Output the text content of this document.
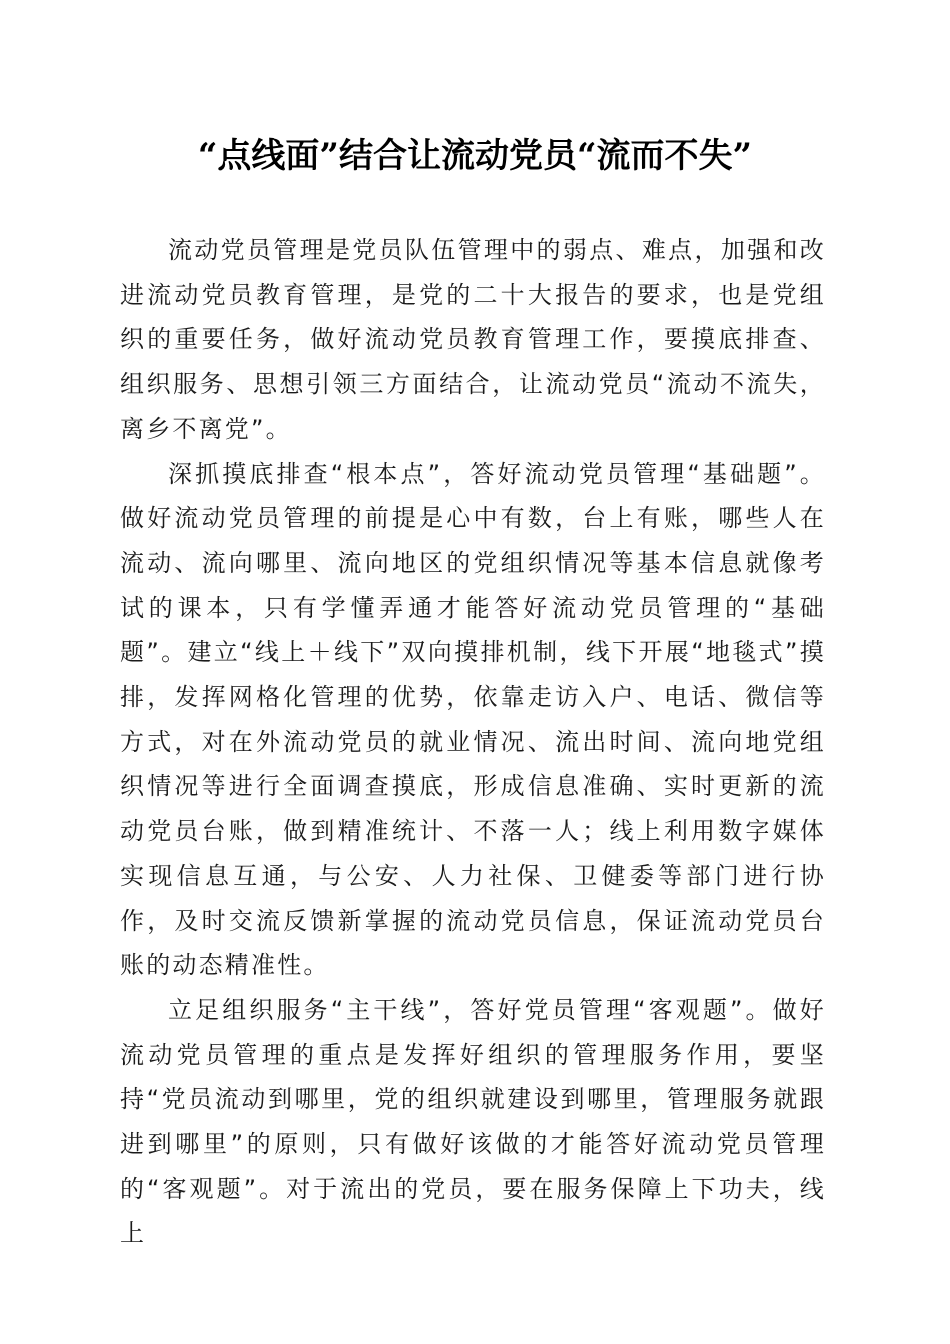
“点线面”结合让流动党员“流而不失”

流动党员管理是党员队伍管理中的弱点、难点，加强和改进流动党员教育管理，是党的二十大报告的要求，也是党组织的重要任务，做好流动党员教育管理工作，要摸底排查、组织服务、思想引领三方面结合，让流动党员“流动不流失，离乡不离党”。

深抓摸底排查“根本点”，答好流动党员管理“基础题”。做好流动党员管理的前提是心中有数，台上有账，哪些人在流动、流向哪里、流向地区的党组织情况等基本信息就像考试的课本，只有学懂弄通才能答好流动党员管理的“基础题”。建立“线上＋线下”双向摸排机制，线下开展“地毯式”摸排，发挥网格化管理的优势，依靠走访入户、电话、微信等方式，对在外流动党员的就业情况、流出时间、流向地党组织情况等进行全面调查摸底，形成信息准确、实时更新的流动党员台账，做到精准统计、不落一人；线上利用数字媒体实现信息互通，与公安、人力社保、卫健委等部门进行协作，及时交流反馈新掌握的流动党员信息，保证流动党员台账的动态精准性。

立足组织服务“主干线”，答好党员管理“客观题”。做好流动党员管理的重点是发挥好组织的管理服务作用，要坚持“党员流动到哪里，党的组织就建设到哪里，管理服务就跟进到哪里”的原则，只有做好该做的才能答好流动党员管理的“客观题”。对于流出的党员，要在服务保障上下功夫，线上
